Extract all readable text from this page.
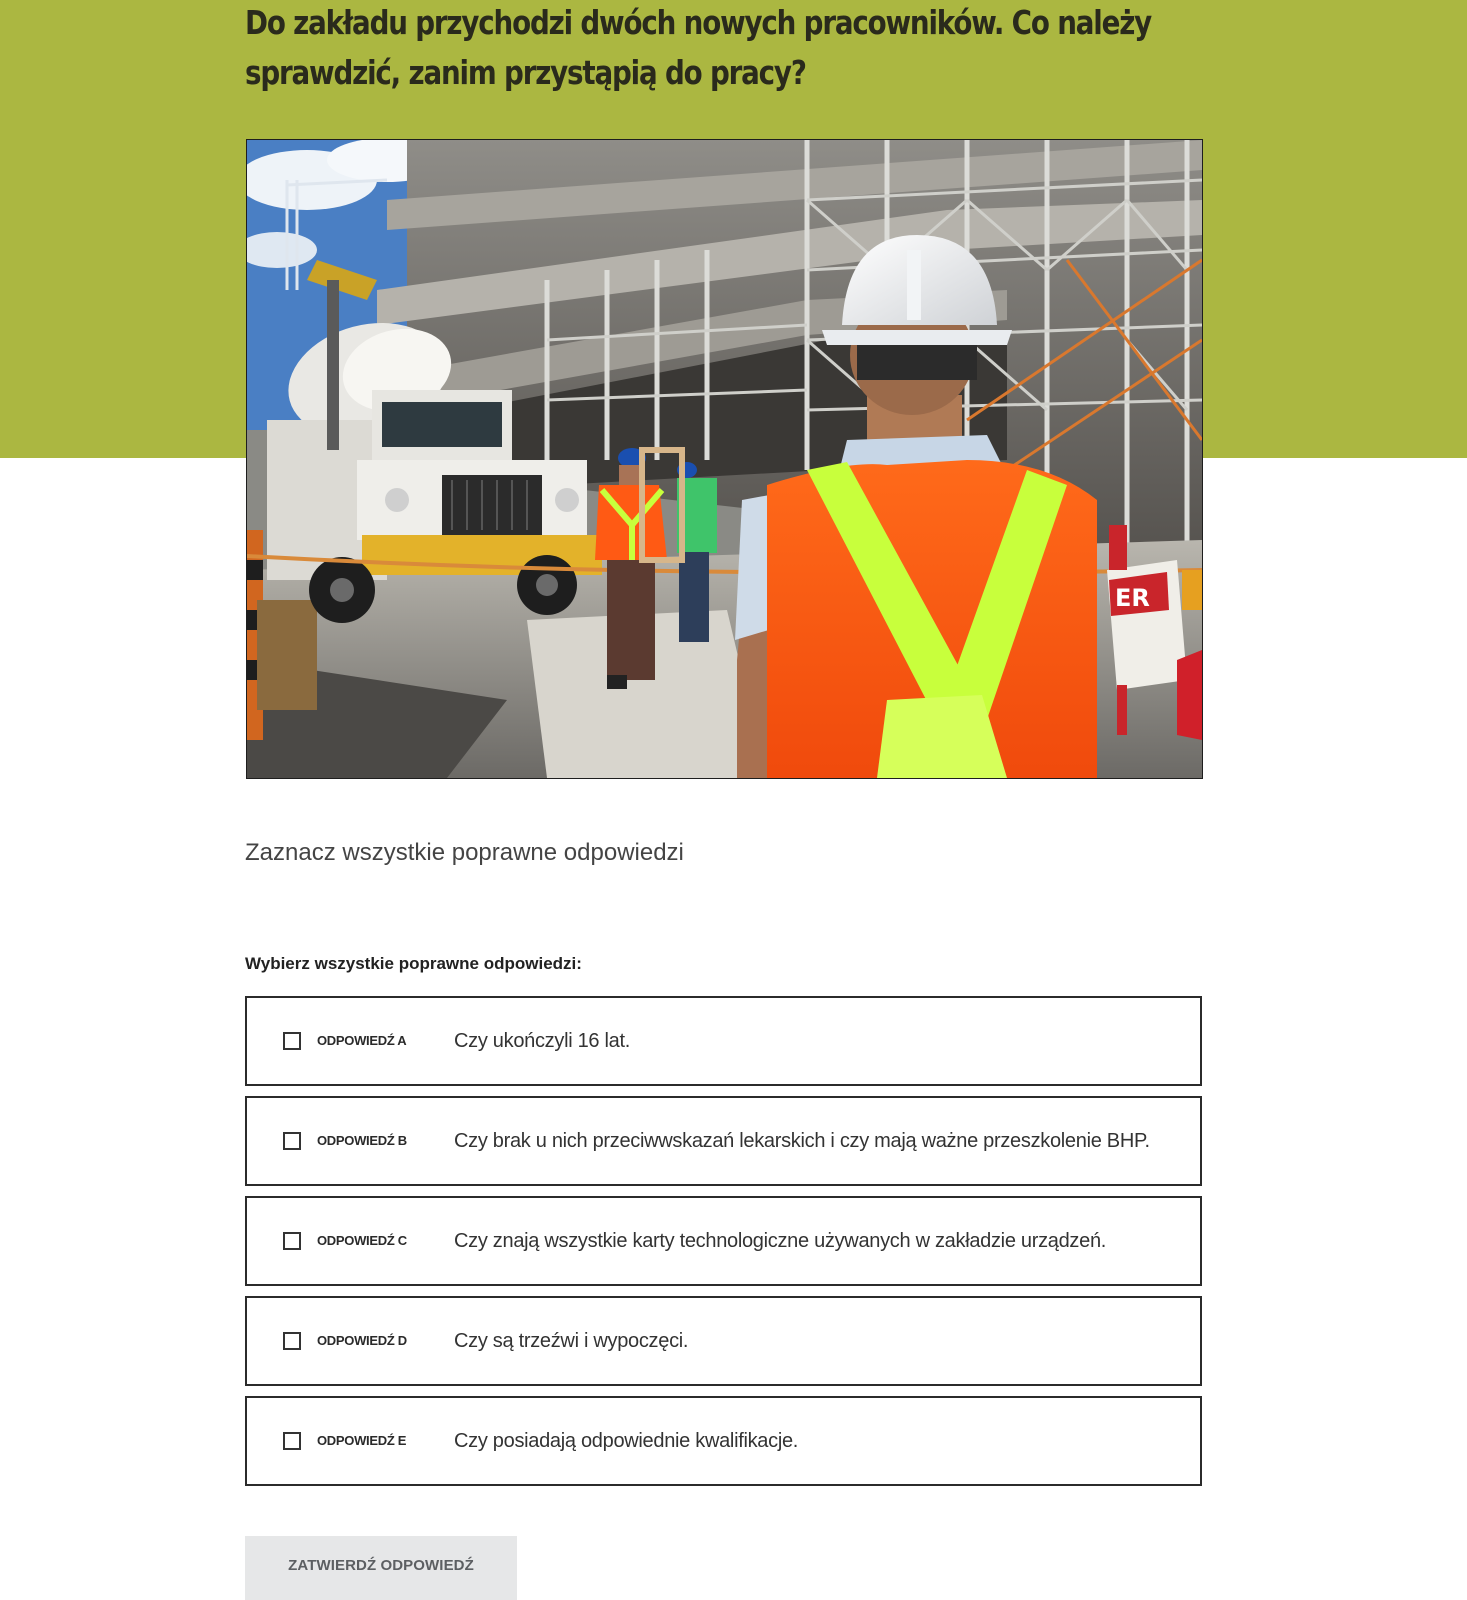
Do zakładu przychodzi dwóch nowych pracowników. Co należy
sprawdzić, zanim przystąpią do pracy?
ER

Zaznacz wszystkie poprawne odpowiedzi

Wybierz wszystkie poprawne odpowiedzi:

ODPOWIEDŹ A Czy ukończyli 16 lat.
ODPOWIEDŹ B Czy brak u nich przeciwwskazań lekarskich i czy mają ważne przeszkolenie BHP.
ODPOWIEDŹ C Czy znają wszystkie karty technologiczne używanych w zakładzie urządzeń.
ODPOWIEDŹ D Czy są trzeźwi i wypoczęci.
ODPOWIEDŹ E Czy posiadają odpowiednie kwalifikacje.
ZATWIERDŹ ODPOWIEDŹ
